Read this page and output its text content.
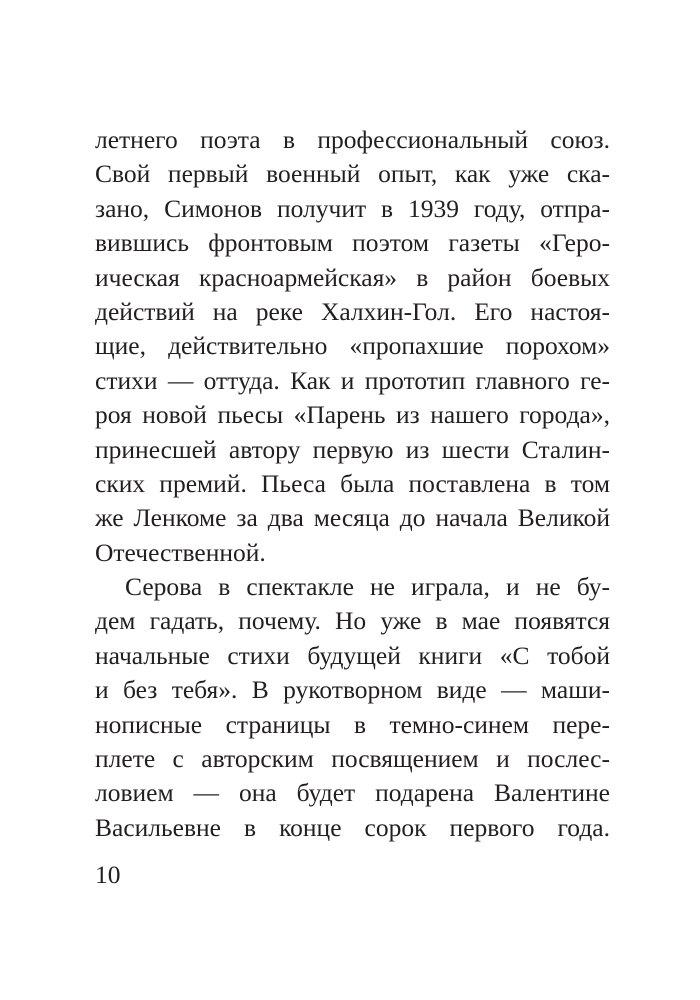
летнего поэта в профессиональный союз.
Свой первый военный опыт, как уже ска-
зано, Симонов получит в 1939 году, отпра-
вившись фронтовым поэтом газеты «Геро-
ическая красноармейская» в район боевых
действий на реке Халхин-Гол. Его настоя-
щие, действительно «пропахшие порохом»
стихи — оттуда. Как и прототип главного ге-
роя новой пьесы «Парень из нашего города»,
принесшей автору первую из шести Сталин-
ских премий. Пьеса была поставлена в том
же Ленкоме за два месяца до начала Великой
Отечественной.
Серова в спектакле не играла, и не бу-
дем гадать, почему. Но уже в мае появятся
начальные стихи будущей книги «С тобой
и без тебя». В рукотворном виде — маши-
нописные страницы в темно-синем пере-
плете с авторским посвящением и послес-
ловием — она будет подарена Валентине
Васильевне в конце сорок первого года.
10
